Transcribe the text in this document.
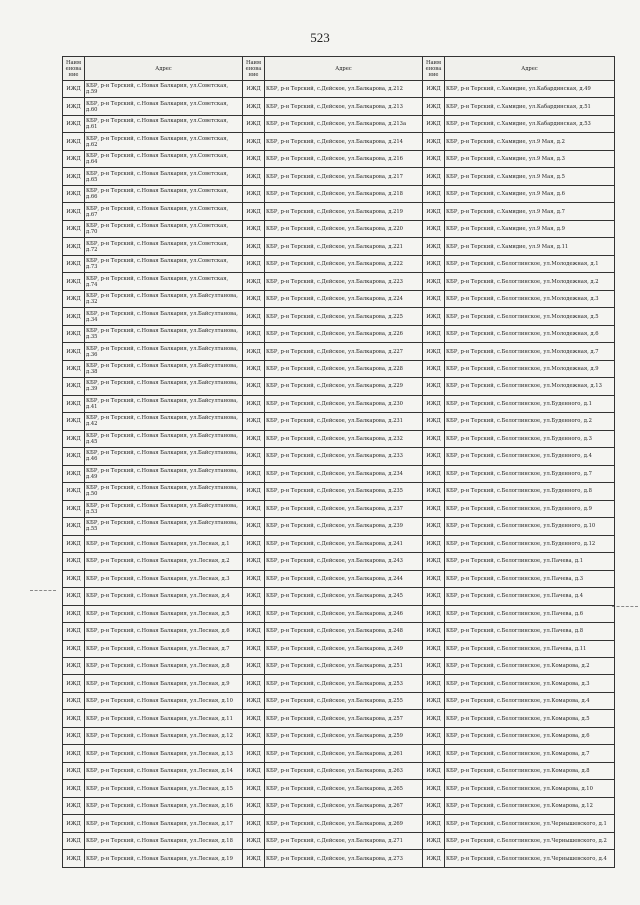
523
Наим енова ние	Адрес	Наим енова ние	Адрес	Наим енова ние	Адрес
ИЖД	КБР, р-н Терский, с.Новая Балкария, ул.Советская, д.59	ИЖД	КБР, р-н Терский, с.Дейское, ул.Балкарова, д.212	ИЖД	КБР, р-н Терский, с.Хамидие, ул.Кабардинская, д.49
ИЖД	КБР, р-н Терский, с.Новая Балкария, ул.Советская, д.60	ИЖД	КБР, р-н Терский, с.Дейское, ул.Балкарова, д.213	ИЖД	КБР, р-н Терский, с.Хамидие, ул.Кабардинская, д.51
ИЖД	КБР, р-н Терский, с.Новая Балкария, ул.Советская, д.61	ИЖД	КБР, р-н Терский, с.Дейское, ул.Балкарова, д.213а	ИЖД	КБР, р-н Терский, с.Хамидие, ул.Кабардинская, д.53
ИЖД	КБР, р-н Терский, с.Новая Балкария, ул.Советская, д.62	ИЖД	КБР, р-н Терский, с.Дейское, ул.Балкарова, д.214	ИЖД	КБР, р-н Терский, с.Хамидие, ул.9 Мая, д.2
ИЖД	КБР, р-н Терский, с.Новая Балкария, ул.Советская, д.64	ИЖД	КБР, р-н Терский, с.Дейское, ул.Балкарова, д.216	ИЖД	КБР, р-н Терский, с.Хамидие, ул.9 Мая, д.3
ИЖД	КБР, р-н Терский, с.Новая Балкария, ул.Советская, д.65	ИЖД	КБР, р-н Терский, с.Дейское, ул.Балкарова, д.217	ИЖД	КБР, р-н Терский, с.Хамидие, ул.9 Мая, д.5
ИЖД	КБР, р-н Терский, с.Новая Балкария, ул.Советская, д.66	ИЖД	КБР, р-н Терский, с.Дейское, ул.Балкарова, д.218	ИЖД	КБР, р-н Терский, с.Хамидие, ул.9 Мая, д.6
ИЖД	КБР, р-н Терский, с.Новая Балкария, ул.Советская, д.67	ИЖД	КБР, р-н Терский, с.Дейское, ул.Балкарова, д.219	ИЖД	КБР, р-н Терский, с.Хамидие, ул.9 Мая, д.7
ИЖД	КБР, р-н Терский, с.Новая Балкария, ул.Советская, д.70	ИЖД	КБР, р-н Терский, с.Дейское, ул.Балкарова, д.220	ИЖД	КБР, р-н Терский, с.Хамидие, ул.9 Мая, д.9
ИЖД	КБР, р-н Терский, с.Новая Балкария, ул.Советская, д.72	ИЖД	КБР, р-н Терский, с.Дейское, ул.Балкарова, д.221	ИЖД	КБР, р-н Терский, с.Хамидие, ул.9 Мая, д.11
ИЖД	КБР, р-н Терский, с.Новая Балкария, ул.Советская, д.73	ИЖД	КБР, р-н Терский, с.Дейское, ул.Балкарова, д.222	ИЖД	КБР, р-н Терский, с.Белоглинское, ул.Молодежная, д.1
ИЖД	КБР, р-н Терский, с.Новая Балкария, ул.Советская, д.74	ИЖД	КБР, р-н Терский, с.Дейское, ул.Балкарова, д.223	ИЖД	КБР, р-н Терский, с.Белоглинское, ул.Молодежная, д.2
ИЖД	КБР, р-н Терский, с.Новая Балкария, ул.Байсултанова, д.32	ИЖД	КБР, р-н Терский, с.Дейское, ул.Балкарова, д.224	ИЖД	КБР, р-н Терский, с.Белоглинское, ул.Молодежная, д.3
ИЖД	КБР, р-н Терский, с.Новая Балкария, ул.Байсултанова, д.34	ИЖД	КБР, р-н Терский, с.Дейское, ул.Балкарова, д.225	ИЖД	КБР, р-н Терский, с.Белоглинское, ул.Молодежная, д.5
ИЖД	КБР, р-н Терский, с.Новая Балкария, ул.Байсултанова, д.35	ИЖД	КБР, р-н Терский, с.Дейское, ул.Балкарова, д.226	ИЖД	КБР, р-н Терский, с.Белоглинское, ул.Молодежная, д.6
ИЖД	КБР, р-н Терский, с.Новая Балкария, ул.Байсултанова, д.36	ИЖД	КБР, р-н Терский, с.Дейское, ул.Балкарова, д.227	ИЖД	КБР, р-н Терский, с.Белоглинское, ул.Молодежная, д.7
ИЖД	КБР, р-н Терский, с.Новая Балкария, ул.Байсултанова, д.38	ИЖД	КБР, р-н Терский, с.Дейское, ул.Балкарова, д.228	ИЖД	КБР, р-н Терский, с.Белоглинское, ул.Молодежная, д.9
ИЖД	КБР, р-н Терский, с.Новая Балкария, ул.Байсултанова, д.39	ИЖД	КБР, р-н Терский, с.Дейское, ул.Балкарова, д.229	ИЖД	КБР, р-н Терский, с.Белоглинское, ул.Молодежная, д.13
ИЖД	КБР, р-н Терский, с.Новая Балкария, ул.Байсултанова, д.41	ИЖД	КБР, р-н Терский, с.Дейское, ул.Балкарова, д.230	ИЖД	КБР, р-н Терский, с.Белоглинское, ул.Буденного, д.1
ИЖД	КБР, р-н Терский, с.Новая Балкария, ул.Байсултанова, д.42	ИЖД	КБР, р-н Терский, с.Дейское, ул.Балкарова, д.231	ИЖД	КБР, р-н Терский, с.Белоглинское, ул.Буденного, д.2
ИЖД	КБР, р-н Терский, с.Новая Балкария, ул.Байсултанова, д.45	ИЖД	КБР, р-н Терский, с.Дейское, ул.Балкарова, д.232	ИЖД	КБР, р-н Терский, с.Белоглинское, ул.Буденного, д.3
ИЖД	КБР, р-н Терский, с.Новая Балкария, ул.Байсултанова, д.46	ИЖД	КБР, р-н Терский, с.Дейское, ул.Балкарова, д.233	ИЖД	КБР, р-н Терский, с.Белоглинское, ул.Буденного, д.4
ИЖД	КБР, р-н Терский, с.Новая Балкария, ул.Байсултанова, д.49	ИЖД	КБР, р-н Терский, с.Дейское, ул.Балкарова, д.234	ИЖД	КБР, р-н Терский, с.Белоглинское, ул.Буденного, д.7
ИЖД	КБР, р-н Терский, с.Новая Балкария, ул.Байсултанова, д.50	ИЖД	КБР, р-н Терский, с.Дейское, ул.Балкарова, д.235	ИЖД	КБР, р-н Терский, с.Белоглинское, ул.Буденного, д.8
ИЖД	КБР, р-н Терский, с.Новая Балкария, ул.Байсултанова, д.53	ИЖД	КБР, р-н Терский, с.Дейское, ул.Балкарова, д.237	ИЖД	КБР, р-н Терский, с.Белоглинское, ул.Буденного, д.9
ИЖД	КБР, р-н Терский, с.Новая Балкария, ул.Байсултанова, д.55	ИЖД	КБР, р-н Терский, с.Дейское, ул.Балкарова, д.239	ИЖД	КБР, р-н Терский, с.Белоглинское, ул.Буденного, д.10
ИЖД	КБР, р-н Терский, с.Новая Балкария, ул.Лесная, д.1	ИЖД	КБР, р-н Терский, с.Дейское, ул.Балкарова, д.241	ИЖД	КБР, р-н Терский, с.Белоглинское, ул.Буденного, д.12
ИЖД	КБР, р-н Терский, с.Новая Балкария, ул.Лесная, д.2	ИЖД	КБР, р-н Терский, с.Дейское, ул.Балкарова, д.243	ИЖД	КБР, р-н Терский, с.Белоглинское, ул.Пачева, д.1
ИЖД	КБР, р-н Терский, с.Новая Балкария, ул.Лесная, д.3	ИЖД	КБР, р-н Терский, с.Дейское, ул.Балкарова, д.244	ИЖД	КБР, р-н Терский, с.Белоглинское, ул.Пачева, д.3
ИЖД	КБР, р-н Терский, с.Новая Балкария, ул.Лесная, д.4	ИЖД	КБР, р-н Терский, с.Дейское, ул.Балкарова, д.245	ИЖД	КБР, р-н Терский, с.Белоглинское, ул.Пачева, д.4
ИЖД	КБР, р-н Терский, с.Новая Балкария, ул.Лесная, д.5	ИЖД	КБР, р-н Терский, с.Дейское, ул.Балкарова, д.246	ИЖД	КБР, р-н Терский, с.Белоглинское, ул.Пачева, д.6
ИЖД	КБР, р-н Терский, с.Новая Балкария, ул.Лесная, д.6	ИЖД	КБР, р-н Терский, с.Дейское, ул.Балкарова, д.248	ИЖД	КБР, р-н Терский, с.Белоглинское, ул.Пачева, д.8
ИЖД	КБР, р-н Терский, с.Новая Балкария, ул.Лесная, д.7	ИЖД	КБР, р-н Терский, с.Дейское, ул.Балкарова, д.249	ИЖД	КБР, р-н Терский, с.Белоглинское, ул.Пачева, д.11
ИЖД	КБР, р-н Терский, с.Новая Балкария, ул.Лесная, д.8	ИЖД	КБР, р-н Терский, с.Дейское, ул.Балкарова, д.251	ИЖД	КБР, р-н Терский, с.Белоглинское, ул.Комарова, д.2
ИЖД	КБР, р-н Терский, с.Новая Балкария, ул.Лесная, д.9	ИЖД	КБР, р-н Терский, с.Дейское, ул.Балкарова, д.253	ИЖД	КБР, р-н Терский, с.Белоглинское, ул.Комарова, д.3
ИЖД	КБР, р-н Терский, с.Новая Балкария, ул.Лесная, д.10	ИЖД	КБР, р-н Терский, с.Дейское, ул.Балкарова, д.255	ИЖД	КБР, р-н Терский, с.Белоглинское, ул.Комарова, д.4
ИЖД	КБР, р-н Терский, с.Новая Балкария, ул.Лесная, д.11	ИЖД	КБР, р-н Терский, с.Дейское, ул.Балкарова, д.257	ИЖД	КБР, р-н Терский, с.Белоглинское, ул.Комарова, д.5
ИЖД	КБР, р-н Терский, с.Новая Балкария, ул.Лесная, д.12	ИЖД	КБР, р-н Терский, с.Дейское, ул.Балкарова, д.259	ИЖД	КБР, р-н Терский, с.Белоглинское, ул.Комарова, д.6
ИЖД	КБР, р-н Терский, с.Новая Балкария, ул.Лесная, д.13	ИЖД	КБР, р-н Терский, с.Дейское, ул.Балкарова, д.261	ИЖД	КБР, р-н Терский, с.Белоглинское, ул.Комарова, д.7
ИЖД	КБР, р-н Терский, с.Новая Балкария, ул.Лесная, д.14	ИЖД	КБР, р-н Терский, с.Дейское, ул.Балкарова, д.263	ИЖД	КБР, р-н Терский, с.Белоглинское, ул.Комарова, д.8
ИЖД	КБР, р-н Терский, с.Новая Балкария, ул.Лесная, д.15	ИЖД	КБР, р-н Терский, с.Дейское, ул.Балкарова, д.265	ИЖД	КБР, р-н Терский, с.Белоглинское, ул.Комарова, д.10
ИЖД	КБР, р-н Терский, с.Новая Балкария, ул.Лесная, д.16	ИЖД	КБР, р-н Терский, с.Дейское, ул.Балкарова, д.267	ИЖД	КБР, р-н Терский, с.Белоглинское, ул.Комарова, д.12
ИЖД	КБР, р-н Терский, с.Новая Балкария, ул.Лесная, д.17	ИЖД	КБР, р-н Терский, с.Дейское, ул.Балкарова, д.269	ИЖД	КБР, р-н Терский, с.Белоглинское, ул.Чернышевского, д.1
ИЖД	КБР, р-н Терский, с.Новая Балкария, ул.Лесная, д.18	ИЖД	КБР, р-н Терский, с.Дейское, ул.Балкарова, д.271	ИЖД	КБР, р-н Терский, с.Белоглинское, ул.Чернышевского, д.2
ИЖД	КБР, р-н Терский, с.Новая Балкария, ул.Лесная, д.19	ИЖД	КБР, р-н Терский, с.Дейское, ул.Балкарова, д.273	ИЖД	КБР, р-н Терский, с.Белоглинское, ул.Чернышевского, д.4
